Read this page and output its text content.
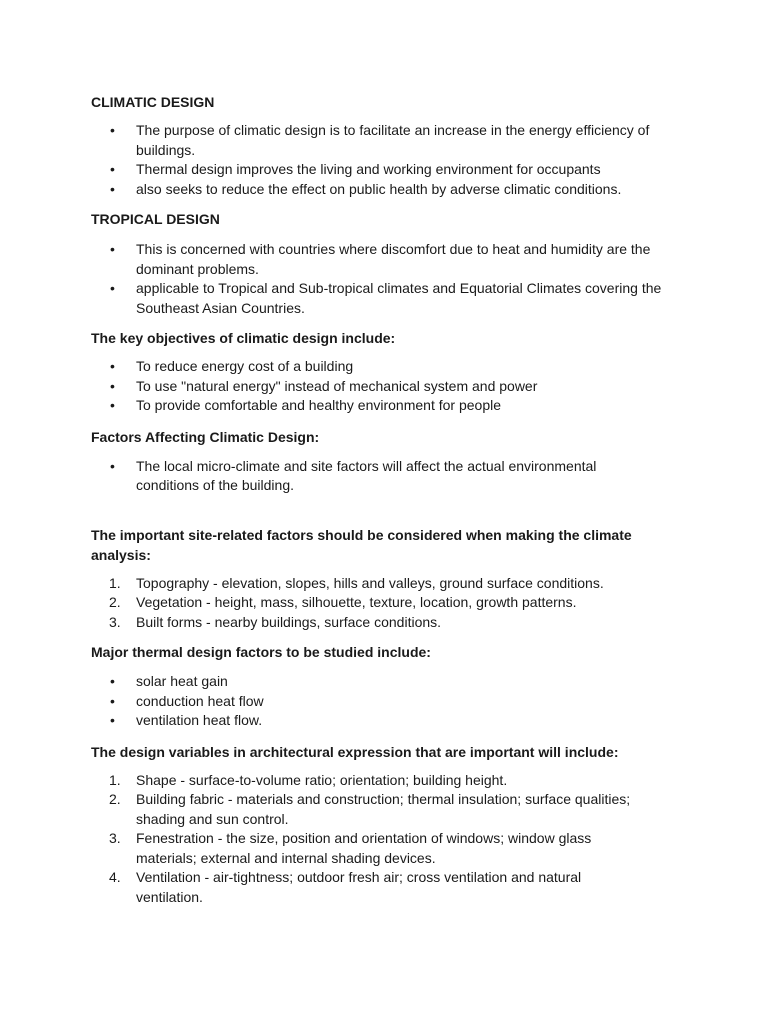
CLIMATIC DESIGN
• The purpose of climatic design is to facilitate an increase in the energy efficiency of buildings.
• Thermal design improves the living and working environment for occupants
• also seeks to reduce the effect on public health by adverse climatic conditions.
TROPICAL DESIGN
• This is concerned with countries where discomfort due to heat and humidity are the dominant problems.
• applicable to Tropical and Sub-tropical climates and Equatorial Climates covering the Southeast Asian Countries.
The key objectives of climatic design include:
• To reduce energy cost of a building
• To use "natural energy" instead of mechanical system and power
• To provide comfortable and healthy environment for people
Factors Affecting Climatic Design:
• The local micro-climate and site factors will affect the actual environmental conditions of the building.
The important site-related factors should be considered when making the climate analysis:
1. Topography - elevation, slopes, hills and valleys, ground surface conditions.
2. Vegetation - height, mass, silhouette, texture, location, growth patterns.
3. Built forms - nearby buildings, surface conditions.
Major thermal design factors to be studied include:
• solar heat gain
• conduction heat flow
• ventilation heat flow.
The design variables in architectural expression that are important will include:
1. Shape - surface-to-volume ratio; orientation; building height.
2. Building fabric - materials and construction; thermal insulation; surface qualities; shading and sun control.
3. Fenestration - the size, position and orientation of windows; window glass materials; external and internal shading devices.
4. Ventilation - air-tightness; outdoor fresh air; cross ventilation and natural ventilation.
